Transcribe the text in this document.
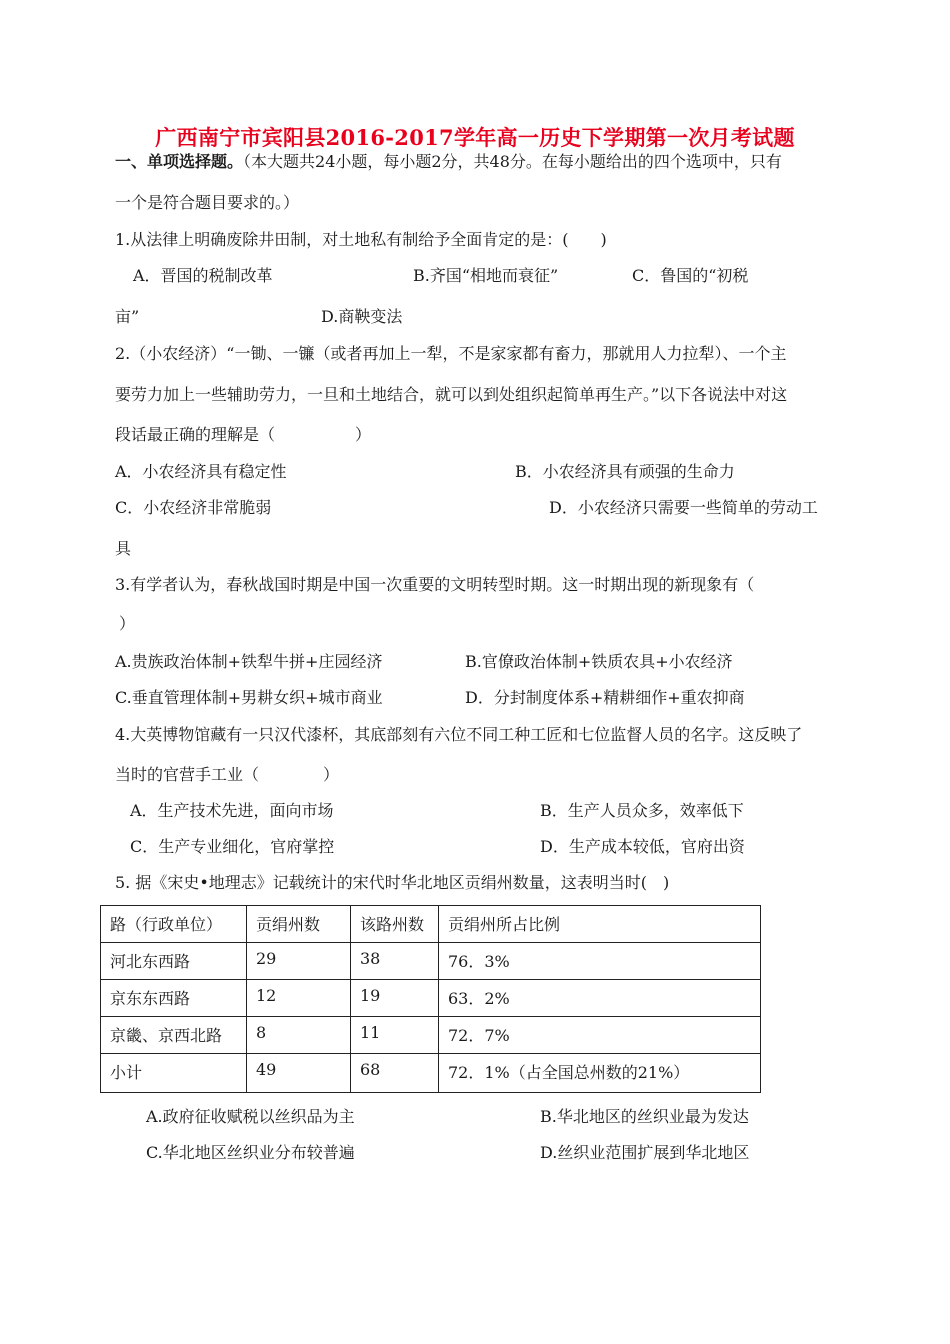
广西南宁市宾阳县2016-2017学年高一历史下学期第一次月考试题
一、单项选择题。（本大题共24小题，每小题2分，共48分。在每小题给出的四个选项中，只有
一个是符合题目要求的。）
1.从法律上明确废除井田制，对土地私有制给予全面肯定的是：(　　)
A．晋国的税制改革	B.齐国“相地而衰征”	C．鲁国的“初税
亩”	D.商鞅变法
2.（小农经济）“一锄、一镰（或者再加上一犁，不是家家都有畜力，那就用人力拉犁）、一个主
要劳力加上一些辅助劳力，一旦和土地结合，就可以到处组织起简单再生产。”以下各说法中对这
段话最正确的理解是（　　　　　）
A．小农经济具有稳定性	B．小农经济具有顽强的生命力
C．小农经济非常脆弱	D．小农经济只需要一些简单的劳动工
具
3.有学者认为，春秋战国时期是中国一次重要的文明转型时期。这一时期出现的新现象有（
）
A.贵族政治体制+铁犁牛拼+庄园经济	B.官僚政治体制+铁质农具+小农经济
C.垂直管理体制+男耕女织+城市商业	D．分封制度体系+精耕细作+重农抑商
4.大英博物馆藏有一只汉代漆杯，其底部刻有六位不同工种工匠和七位监督人员的名字。这反映了
当时的官营手工业（　　　　）
A．生产技术先进，面向市场	B．生产人员众多，效率低下
C．生产专业细化，官府掌控	D．生产成本较低，官府出资
5. 据《宋史•地理志》记载统计的宋代时华北地区贡绢州数量，这表明当时(　)
路（行政单位）	贡绢州数	该路州数	贡绢州所占比例
河北东西路	29	38	76．3%
京东东西路	12	19	63．2%
京畿、京西北路	8	11	72．7%
小计	49	68	72．1%（占全国总州数的21%）
A.政府征收赋税以丝织品为主	B.华北地区的丝织业最为发达
C.华北地区丝织业分布较普遍	D.丝织业范围扩展到华北地区
